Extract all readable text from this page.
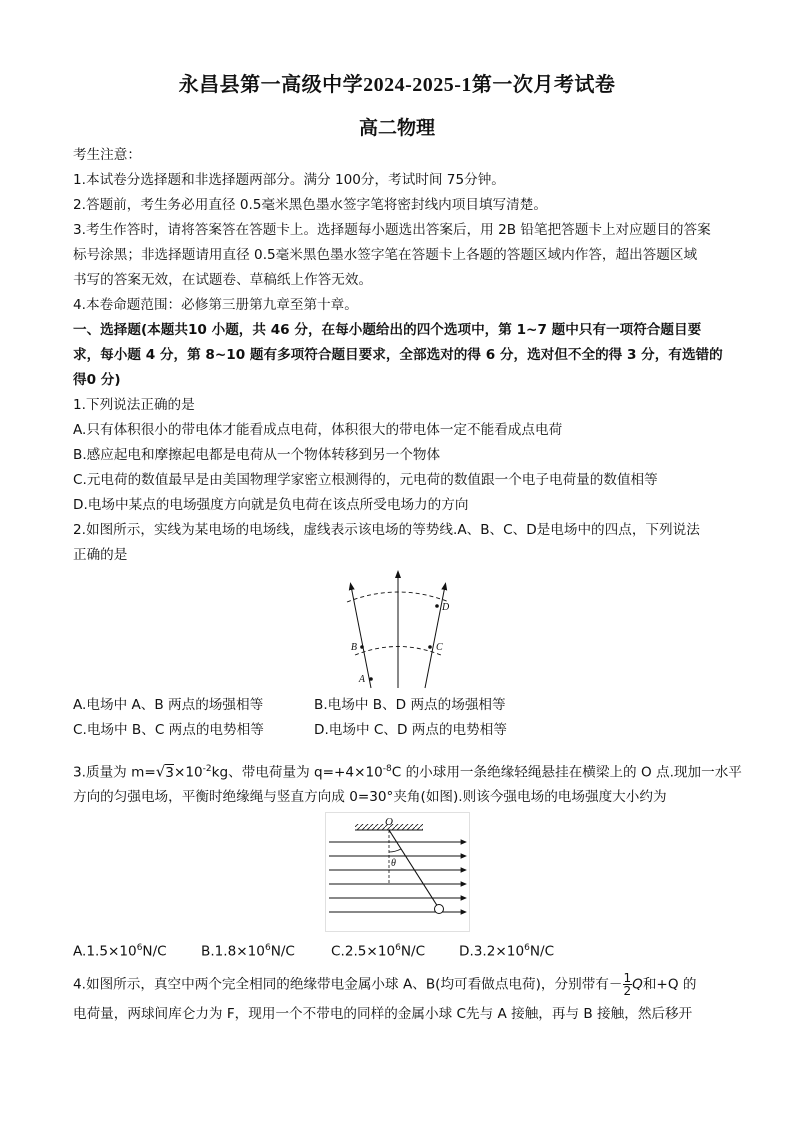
永昌县第一高级中学2024-2025-1第一次月考试卷
高二物理
考生注意：
1.本试卷分选择题和非选择题两部分。满分 100分，考试时间 75分钟。
2.答题前，考生务必用直径 0.5毫米黑色墨水签字笔将密封线内项目填写清楚。
3.考生作答时，请将答案答在答题卡上。选择题每小题选出答案后，用 2B 铅笔把答题卡上对应题目的答案
标号涂黑；非选择题请用直径 0.5毫米黑色墨水签字笔在答题卡上各题的答题区域内作答，超出答题区域
书写的答案无效，在试题卷、草稿纸上作答无效。
4.本卷命题范围：必修第三册第九章至第十章。
一、选择题(本题共10 小题，共 46 分，在每小题给出的四个选项中，第 1~7 题中只有一项符合题目要
求，每小题 4 分，第 8~10 题有多项符合题目要求，全部选对的得 6 分，选对但不全的得 3 分，有选错的
得0 分)
1.下列说法正确的是
A.只有体积很小的带电体才能看成点电荷，体积很大的带电体一定不能看成点电荷
B.感应起电和摩擦起电都是电荷从一个物体转移到另一个物体
C.元电荷的数值最早是由美国物理学家密立根测得的，元电荷的数值跟一个电子电荷量的数值相等
D.电场中某点的电场强度方向就是负电荷在该点所受电场力的方向
2.如图所示，实线为某电场的电场线，虚线表示该电场的等势线.A、B、C、D是电场中的四点，下列说法
正确的是
A
B	C
D
A.电场中 A、B 两点的场强相等	B.电场中 B、D 两点的场强相等
C.电场中 B、C 两点的电势相等	D.电场中 C、D 两点的电势相等
3.质量为 $m=√3\times 10^{-2}kg$、带电荷量为 $q=+4\times 10^{-8}C$ 的小球用一条绝缘轻绳悬挂在横梁上的 O 点.现加一水平
方向的匀强电场，平衡时绝缘绳与竖直方向成 0=30°夹角(如图).则该今强电场的电场强度大小约为
O
θ
$A.1.5\times 10^6N/C$	$B.1.8\times 10^6N/C$	$C.2.5\times 10^6N/C$ $D.3.2\times 10^6N/C$
4.如图所示，真空中两个完全相同的绝缘带电金属小球 A、B(均可看做点电荷)，分别带有－ $\frac{1}{2}$ Q和+Q 的
电荷量，两球间库仑力为 F，现用一个不带电的同样的金属小球 C先与 A 接触，再与 B 接触，然后移开
